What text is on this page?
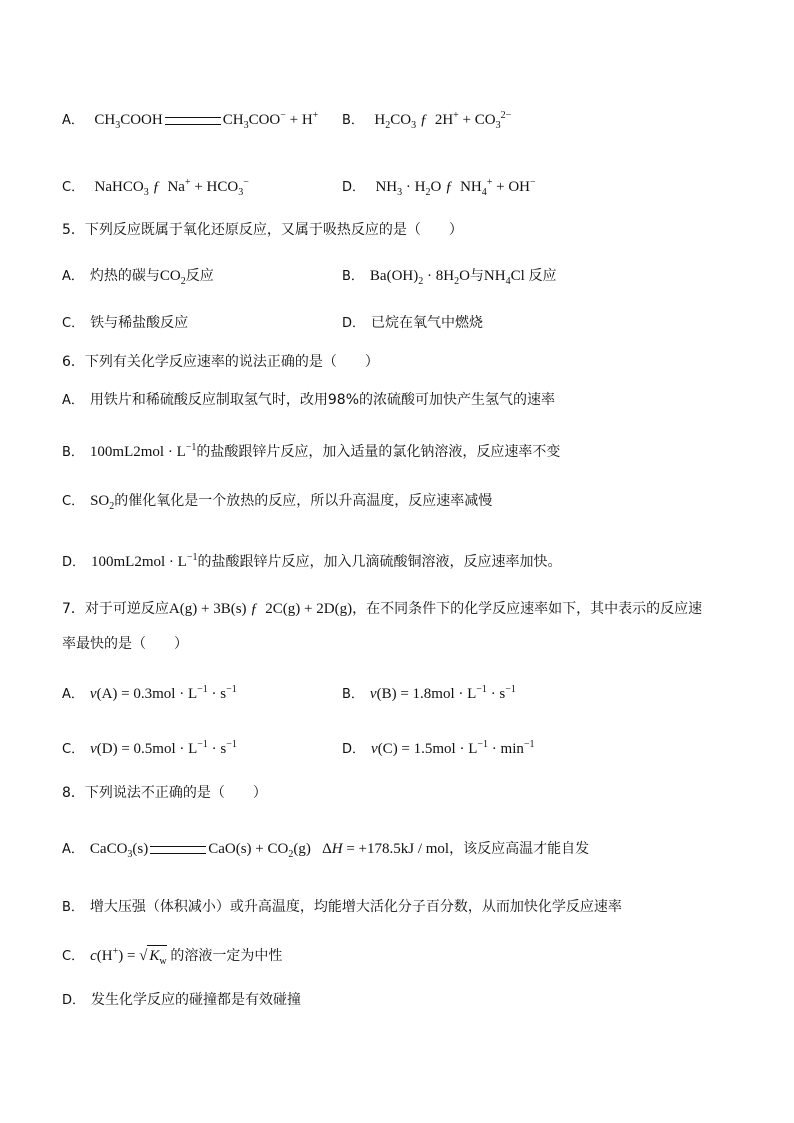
A． $CH_3COOH$	$CH_3COO^- + H^+$ B． $H_2CO_3$ ƒ  $2H^+ + CO_3^{2-}$
C． NaHCO$_3$ ƒ  $Na^+ + HCO_3^-$	D． $NH_3 \cdot H_2O$ ƒ  $NH_4^+ + OH^-$
5．下列反应既属于氧化还原反应，又属于吸热反应的是（　　）
A． 灼热的碳与$CO_2$反应	B． $Ba(OH)_2 \cdot 8H_2O$与$NH_4Cl$ 反应
C． 铁与稀盐酸反应	D． 已烷在氧气中燃烧
6．下列有关化学反应速率的说法正确的是（　　）
A． 用铁片和稀硫酸反应制取氢气时，改用98%的浓硫酸可加快产生氢气的速率
B． $100mL2mol \cdot L^{-1}$的盐酸跟锌片反应，加入适量的氯化钠溶液，反应速率不变
C． $SO_2$的催化氧化是一个放热的反应，所以升高温度，反应速率减慢
D． $100mL2mol \cdot L^{-1}$的盐酸跟锌片反应，加入几滴硫酸铜溶液，反应速率加快。
7．对于可逆反应A(g) + 3B(s) ƒ  2C(g) + 2D(g)，在不同条件下的化学反应速率如下，其中表示的反应速
率最快的是（　　）
A． $v(A) = 0.3mol \cdot L^{-1} \cdot s^{-1}$	B． $v(B) = 1.8mol \cdot L^{-1} \cdot s^{-1}$
C． $v(D) = 0.5mol \cdot L^{-1} \cdot s^{-1}$	D． $v(C) = 1.5mol \cdot L^{-1} \cdot \min^{-1}$
8．下列说法不正确的是（　　）
A． CaCO$_3$(s)	$CaO(s) + CO_2(g) \Delta H = +178.5kJ$ / mol，该反应高温才能自发
B． 增大压强（体积减小）或升高温度，均能增大活化分子百分数，从而加快化学反应速率
C． c(H+) = √ $K_w$ 的溶液一定为中性
D． 发生化学反应的碰撞都是有效碰撞
